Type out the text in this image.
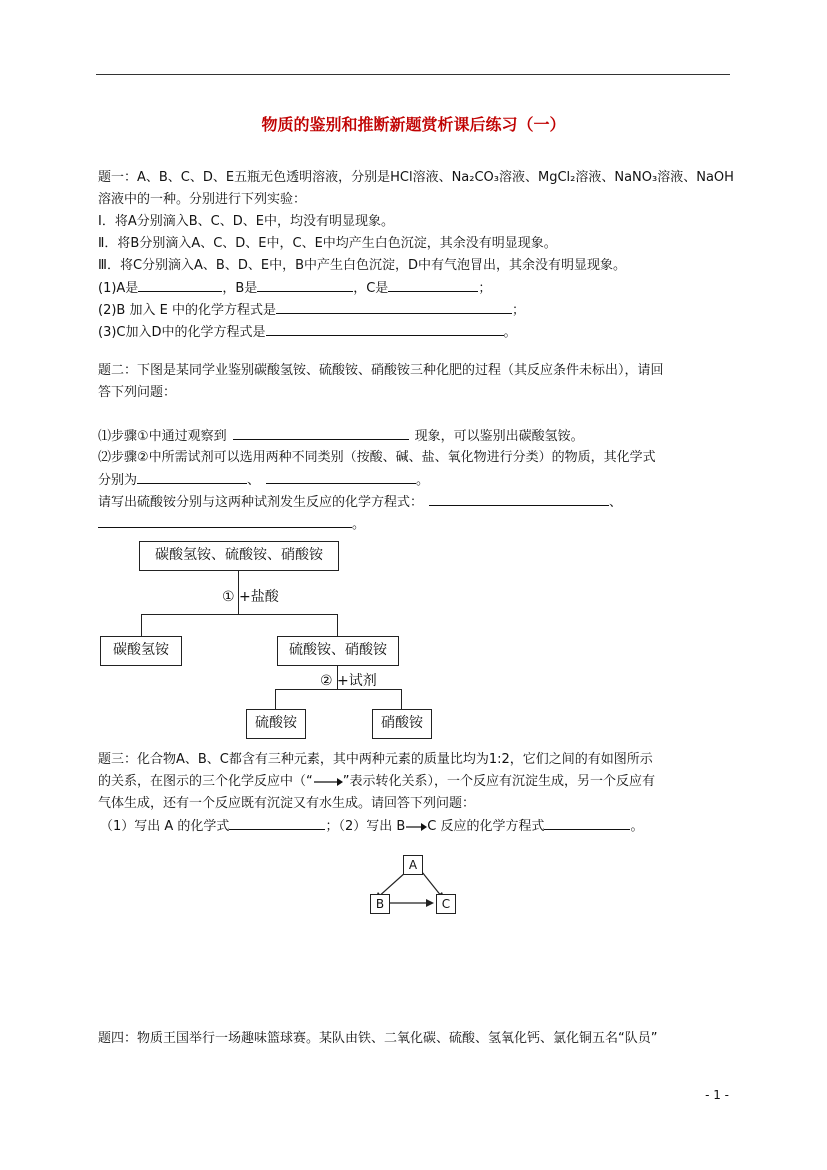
物质的鉴别和推断新题赏析课后练习（一）
题一：A、B、C、D、E五瓶无色透明溶液，分别是HCl溶液、Na₂CO₃溶液、MgCl₂溶液、NaNO₃溶液、NaOH
溶液中的一种。分别进行下列实验：
Ⅰ．将A分别滴入B、C、D、E中，均没有明显现象。
Ⅱ．将B分别滴入A、C、D、E中，C、E中均产生白色沉淀，其余没有明显现象。
Ⅲ．将C分别滴入A、B、D、E中，B中产生白色沉淀，D中有气泡冒出，其余没有明显现象。
(1)A是	，B是	，C是	；
(2)B 加入 E 中的化学方程式是	；
(3)C加入D中的化学方程式是	。
题二：下图是某同学业鉴别碳酸氢铵、硫酸铵、硝酸铵三种化肥的过程（其反应条件未标出），请回
答下列问题：
⑴步骤①中通过观察到	现象，可以鉴别出碳酸氢铵。
⑵步骤②中所需试剂可以选用两种不同类别（按酸、碱、盐、氧化物进行分类）的物质，其化学式
分别为	、	。
请写出硫酸铵分别与这两种试剂发生反应的化学方程式：	、
。
碳酸氢铵、硫酸铵、硝酸铵
① +盐酸
碳酸氢铵	硫酸铵、硝酸铵
② +试剂
硫酸铵	硝酸铵
题三：化合物A、B、C都含有三种元素，其中两种元素的质量比均为1:2，它们之间的有如图所示
的关系，在图示的三个化学反应中（“ ”表示转化关系），一个反应有沉淀生成，另一个反应有
气体生成，还有一个反应既有沉淀又有水生成。请回答下列问题：
（1）写出 A 的化学式	；（2）写出 B C 反应的化学方程式	。
A
B	C
题四：物质王国举行一场趣味篮球赛。某队由铁、二氧化碳、硫酸、氢氧化钙、氯化铜五名“队员”
- 1 -
